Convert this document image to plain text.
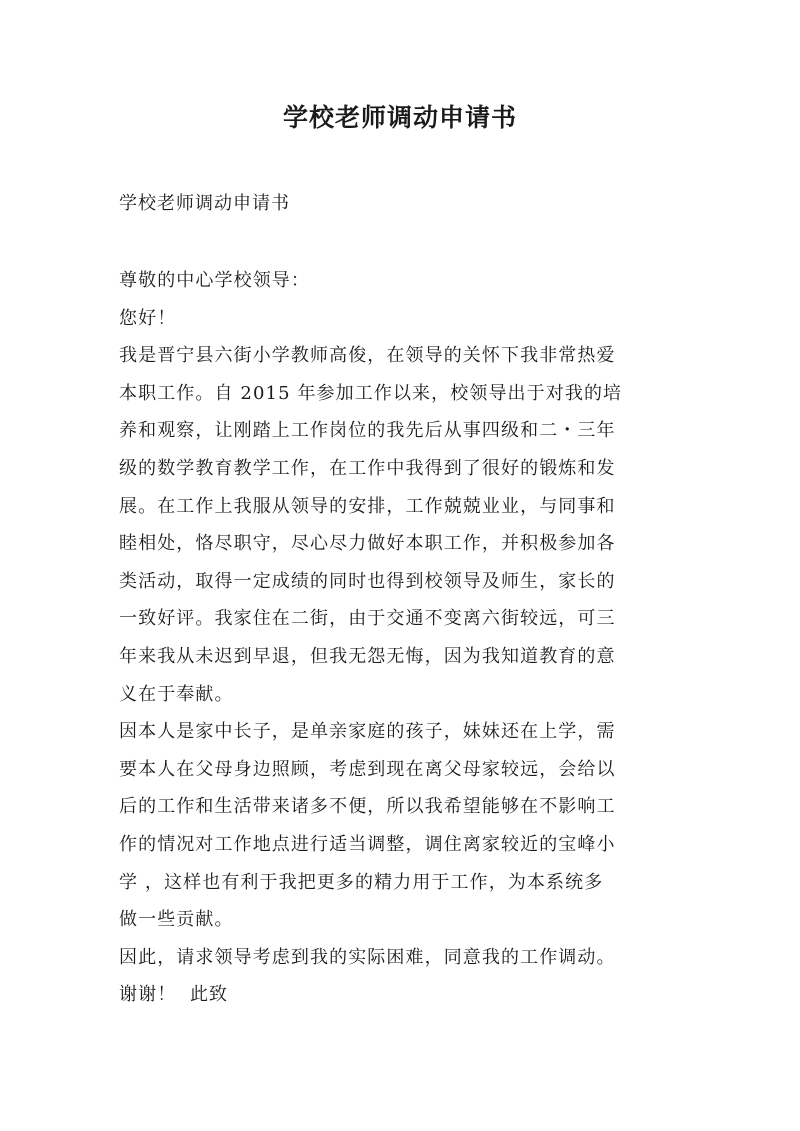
学校老师调动申请书
学校老师调动申请书

尊敬的中心学校领导：

您好！

我是晋宁县六街小学教师高俊，在领导的关怀下我非常热爱
本职工作。自 2015 年参加工作以来，校领导出于对我的培
养和观察，让刚踏上工作岗位的我先后从事四级和二・三年
级的数学教育教学工作，在工作中我得到了很好的锻炼和发
展。在工作上我服从领导的安排，工作兢兢业业，与同事和
睦相处，恪尽职守，尽心尽力做好本职工作，并积极参加各
类活动，取得一定成绩的同时也得到校领导及师生，家长的
一致好评。我家住在二街，由于交通不变离六街较远，可三
年来我从未迟到早退，但我无怨无悔，因为我知道教育的意
义在于奉献。

因本人是家中长子，是单亲家庭的孩子，妹妹还在上学，需
要本人在父母身边照顾，考虑到现在离父母家较远，会给以
后的工作和生活带来诸多不便，所以我希望能够在不影响工
作的情况对工作地点进行适当调整，调住离家较近的宝峰小
学 ，这样也有利于我把更多的精力用于工作，为本系统多
做一些贡献。

因此，请求领导考虑到我的实际困难，同意我的工作调动。

谢谢！  此致
